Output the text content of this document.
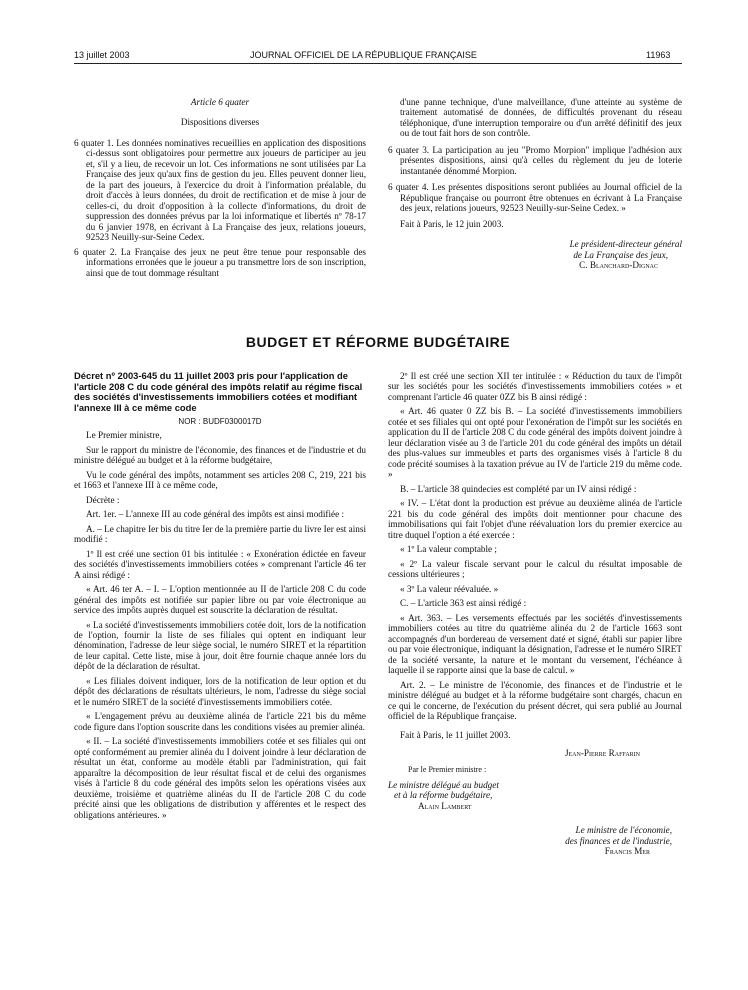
13 juillet 2003	JOURNAL OFFICIEL DE LA RÉPUBLIQUE FRANÇAISE	11963

Article 6 quater

Dispositions diverses

6 quater 1. Les données nominatives recueillies en application des dispositions ci-dessus sont obligatoires pour permettre aux joueurs de participer au jeu et, s'il y a lieu, de recevoir un lot. Ces informations ne sont utilisées par La Française des jeux qu'aux fins de gestion du jeu. Elles peuvent donner lieu, de la part des joueurs, à l'exercice du droit à l'information préalable, du droit d'accès à leurs données, du droit de rectification et de mise à jour de celles-ci, du droit d'opposition à la collecte d'informations, du droit de suppression des données prévus par la loi informatique et libertés nº 78-17 du 6 janvier 1978, en écrivant à La Française des jeux, relations joueurs, 92523 Neuilly-sur-Seine Cedex.

6 quater 2. La Française des jeux ne peut être tenue pour responsable des informations erronées que le joueur a pu transmettre lors de son inscription, ainsi que de tout dommage résultant

d'une panne technique, d'une malveillance, d'une atteinte au système de traitement automatisé de données, de difficultés provenant du réseau téléphonique, d'une interruption temporaire ou d'un arrêté définitif des jeux ou de tout fait hors de son contrôle.

6 quater 3. La participation au jeu "Promo Morpion" implique l'adhésion aux présentes dispositions, ainsi qu'à celles du règlement du jeu de loterie instantanée dénommé Morpion.

6 quater 4. Les présentes dispositions seront publiées au Journal officiel de la République française ou pourront être obtenues en écrivant à La Française des jeux, relations joueurs, 92523 Neuilly-sur-Seine Cedex. »

Fait à Paris, le 12 juin 2003.

Le président-directeur général

de La Française des jeux,

C. Blanchard-Dignac

BUDGET ET RÉFORME BUDGÉTAIRE

Décret nº 2003-645 du 11 juillet 2003 pris pour l'application de l'article 208 C du code général des impôts relatif au régime fiscal des sociétés d'investissements immobiliers cotées et modifiant l'annexe III à ce même code

NOR : BUDF0300017D

Le Premier ministre,

Sur le rapport du ministre de l'économie, des finances et de l'industrie et du ministre délégué au budget et à la réforme budgétaire,

Vu le code général des impôts, notamment ses articles 208 C, 219, 221 bis et 1663 et l'annexe III à ce même code,

Décrète :

Art. 1er. – L'annexe III au code général des impôts est ainsi modifiée :

A. – Le chapitre Ier bis du titre Ier de la première partie du livre Ier est ainsi modifié :

1º Il est créé une section 01 bis intitulée : « Exonération édictée en faveur des sociétés d'investissements immobiliers cotées » comprenant l'article 46 ter A ainsi rédigé :

« Art. 46 ter A. – I. – L'option mentionnée au II de l'article 208 C du code général des impôts est notifiée sur papier libre ou par voie électronique au service des impôts auprès duquel est souscrite la déclaration de résultat.

« La société d'investissements immobiliers cotée doit, lors de la notification de l'option, fournir la liste de ses filiales qui optent en indiquant leur dénomination, l'adresse de leur siège social, le numéro SIRET et la répartition de leur capital. Cette liste, mise à jour, doit être fournie chaque année lors du dépôt de la déclaration de résultat.

« Les filiales doivent indiquer, lors de la notification de leur option et du dépôt des déclarations de résultats ultérieurs, le nom, l'adresse du siège social et le numéro SIRET de la société d'investissements immobiliers cotée.

« L'engagement prévu au deuxième alinéa de l'article 221 bis du même code figure dans l'option souscrite dans les conditions visées au premier alinéa.

« II. – La société d'investissements immobiliers cotée et ses filiales qui ont opté conformément au premier alinéa du I doivent joindre à leur déclaration de résultat un état, conforme au modèle établi par l'administration, qui fait apparaître la décomposition de leur résultat fiscal et de celui des organismes visés à l'article 8 du code général des impôts selon les opérations visées aux deuxième, troisième et quatrième alinéas du II de l'article 208 C du code précité ainsi que les obligations de distribution y afférentes et le respect des obligations antérieures. »

2º Il est créé une section XII ter intitulée : « Réduction du taux de l'impôt sur les sociétés pour les sociétés d'investissements immobiliers cotées » et comprenant l'article 46 quater 0ZZ bis B ainsi rédigé :

« Art. 46 quater 0 ZZ bis B. – La société d'investissements immobiliers cotée et ses filiales qui ont opté pour l'exonération de l'impôt sur les sociétés en application du II de l'article 208 C du code général des impôts doivent joindre à leur déclaration visée au 3 de l'article 201 du code général des impôts un détail des plus-values sur immeubles et parts des organismes visés à l'article 8 du code précité soumises à la taxation prévue au IV de l'article 219 du même code. »

B. – L'article 38 quindecies est complété par un IV ainsi rédigé :

« IV. – L'état dont la production est prévue au deuxième alinéa de l'article 221 bis du code général des impôts doit mentionner pour chacune des immobilisations qui fait l'objet d'une réévaluation lors du premier exercice au titre duquel l'option a été exercée :

« 1º La valeur comptable ;

« 2º La valeur fiscale servant pour le calcul du résultat imposable de cessions ultérieures ;

« 3º La valeur réévaluée. »

C. – L'article 363 est ainsi rédigé :

« Art. 363. – Les versements effectués par les sociétés d'investissements immobiliers cotées au titre du quatrième alinéa du 2 de l'article 1663 sont accompagnés d'un bordereau de versement daté et signé, établi sur papier libre ou par voie électronique, indiquant la désignation, l'adresse et le numéro SIRET de la société versante, la nature et le montant du versement, l'échéance à laquelle il se rapporte ainsi que la base de calcul. »

Art. 2. – Le ministre de l'économie, des finances et de l'industrie et le ministre délégué au budget et à la réforme budgétaire sont chargés, chacun en ce qui le concerne, de l'exécution du présent décret, qui sera publié au Journal officiel de la République française.

Fait à Paris, le 11 juillet 2003.

Jean-Pierre Raffarin

Par le Premier ministre :

Le ministre délégué au budget

et à la réforme budgétaire,

Alain Lambert

Le ministre de l'économie,

des finances et de l'industrie,

Francis Mer
